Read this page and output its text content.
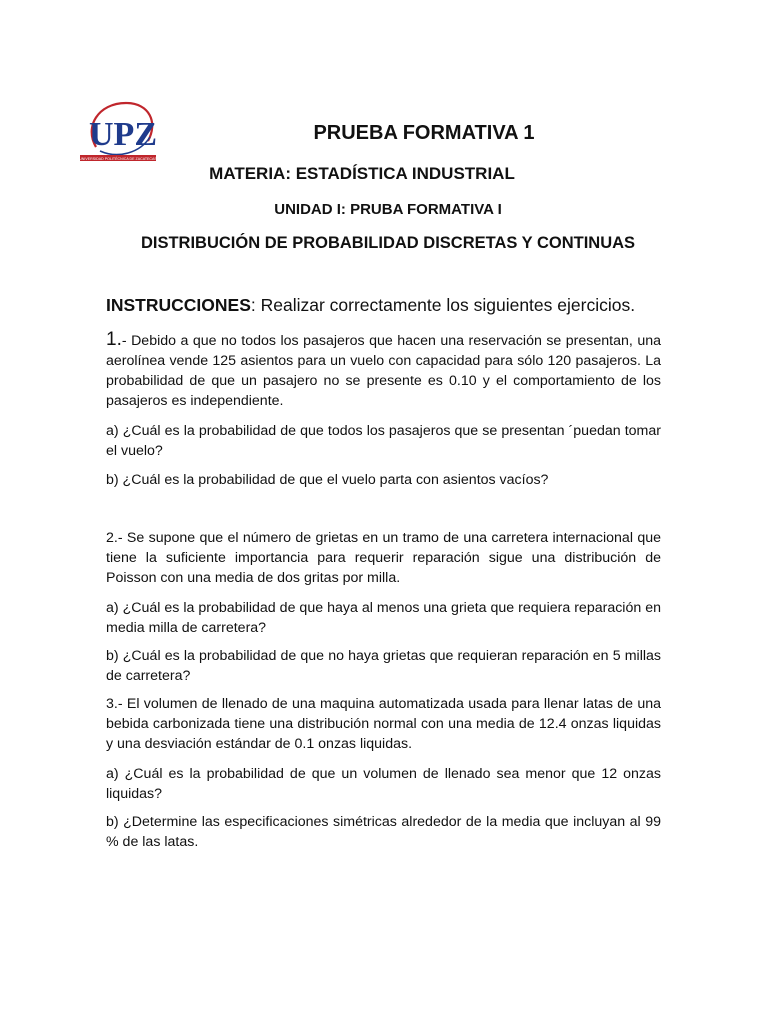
UPZ
UNIVERSIDAD POLITÉCNICA DE ZACATECAS
PRUEBA FORMATIVA 1
MATERIA: ESTADÍSTICA INDUSTRIAL
UNIDAD I: PRUBA FORMATIVA I
DISTRIBUCIÓN DE PROBABILIDAD DISCRETAS Y CONTINUAS
INSTRUCCIONES: Realizar correctamente los siguientes ejercicios.
1.- Debido a que no todos los pasajeros que hacen una reservación se presentan, una aerolínea vende 125 asientos para un vuelo con capacidad para sólo 120 pasajeros. La probabilidad de que un pasajero no se presente es 0.10 y el comportamiento de los pasajeros es independiente.
a) ¿Cuál es la probabilidad de que todos los pasajeros que se presentan ´puedan tomar el vuelo?
b) ¿Cuál es la probabilidad de que el vuelo parta con asientos vacíos?
2.- Se supone que el número de grietas en un tramo de una carretera internacional que tiene la suficiente importancia para requerir reparación sigue una distribución de Poisson con una media de dos gritas por milla.
a) ¿Cuál es la probabilidad de que haya al menos una grieta que requiera reparación en media milla de carretera?
b) ¿Cuál es la probabilidad de que no haya grietas que requieran reparación en 5 millas de carretera?
3.- El volumen de llenado de una maquina automatizada usada para llenar latas de una bebida carbonizada tiene una distribución normal con una media de 12.4 onzas liquidas y una desviación estándar de 0.1 onzas liquidas.
a) ¿Cuál es la probabilidad de que un volumen de llenado sea menor que 12 onzas liquidas?
b) ¿Determine las especificaciones simétricas alrededor de la media que incluyan al 99 % de las latas.
